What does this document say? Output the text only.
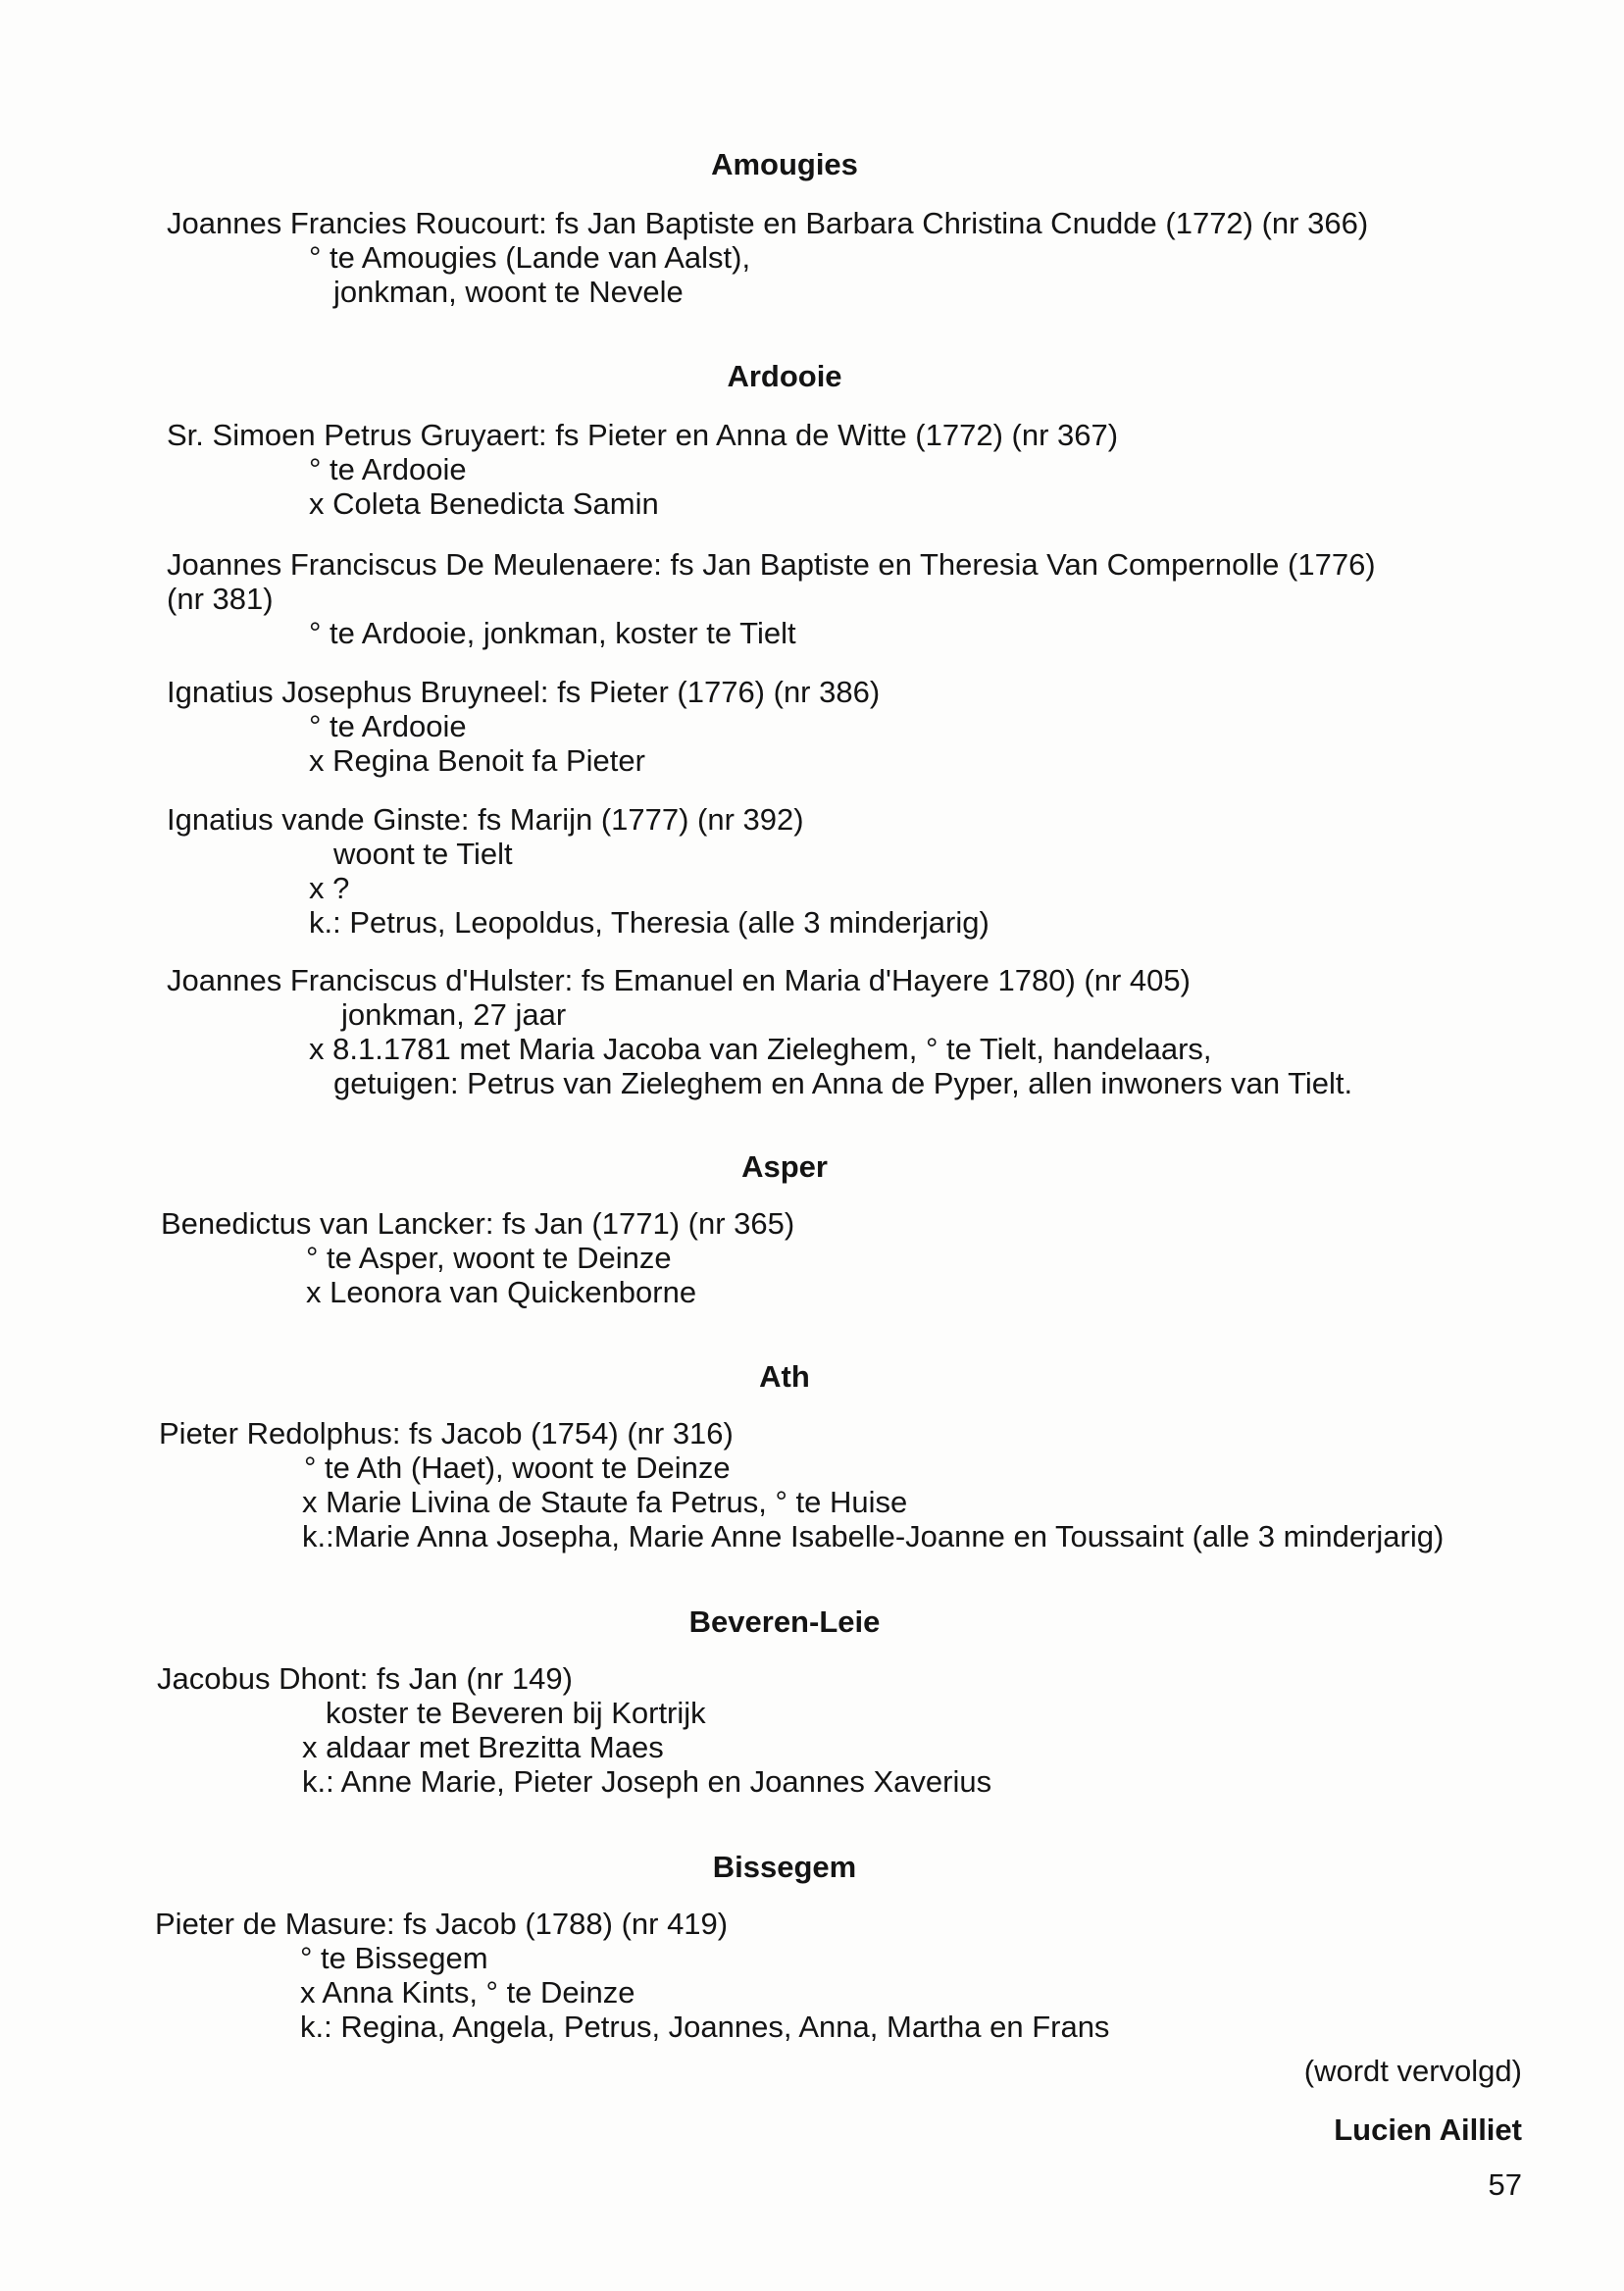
Amougies
Joannes Francies Roucourt: fs Jan Baptiste en Barbara Christina Cnudde (1772) (nr 366)
° te Amougies (Lande van Aalst),
jonkman, woont te Nevele
Ardooie
Sr. Simoen Petrus Gruyaert: fs Pieter en Anna de Witte (1772) (nr 367)
° te Ardooie
x Coleta Benedicta Samin
Joannes Franciscus De Meulenaere: fs Jan Baptiste en Theresia Van Compernolle (1776)
(nr 381)
° te Ardooie, jonkman, koster te Tielt
Ignatius Josephus Bruyneel: fs Pieter (1776) (nr 386)
° te Ardooie
x Regina Benoit fa Pieter
Ignatius vande Ginste: fs Marijn (1777) (nr 392)
woont te Tielt
x ?
k.: Petrus, Leopoldus, Theresia (alle 3 minderjarig)
Joannes Franciscus d'Hulster: fs Emanuel en Maria d'Hayere 1780) (nr 405)
jonkman, 27 jaar
x 8.1.1781 met Maria Jacoba van Zieleghem, ° te Tielt, handelaars,
getuigen: Petrus van Zieleghem en Anna de Pyper, allen inwoners van Tielt.
Asper
Benedictus van Lancker: fs Jan (1771) (nr 365)
° te Asper, woont te Deinze
x Leonora van Quickenborne
Ath
Pieter Redolphus: fs Jacob (1754) (nr 316)
° te Ath (Haet), woont te Deinze
x Marie Livina de Staute fa Petrus, ° te Huise
k.:Marie Anna Josepha, Marie Anne Isabelle-Joanne en Toussaint (alle 3 minderjarig)
Beveren-Leie
Jacobus Dhont: fs Jan (nr 149)
koster te Beveren bij Kortrijk
x aldaar met Brezitta Maes
k.: Anne Marie, Pieter Joseph en Joannes Xaverius
Bissegem
Pieter de Masure: fs Jacob (1788) (nr 419)
° te Bissegem
x Anna Kints, ° te Deinze
k.: Regina, Angela, Petrus, Joannes, Anna, Martha en Frans
(wordt vervolgd)
Lucien Ailliet
57
